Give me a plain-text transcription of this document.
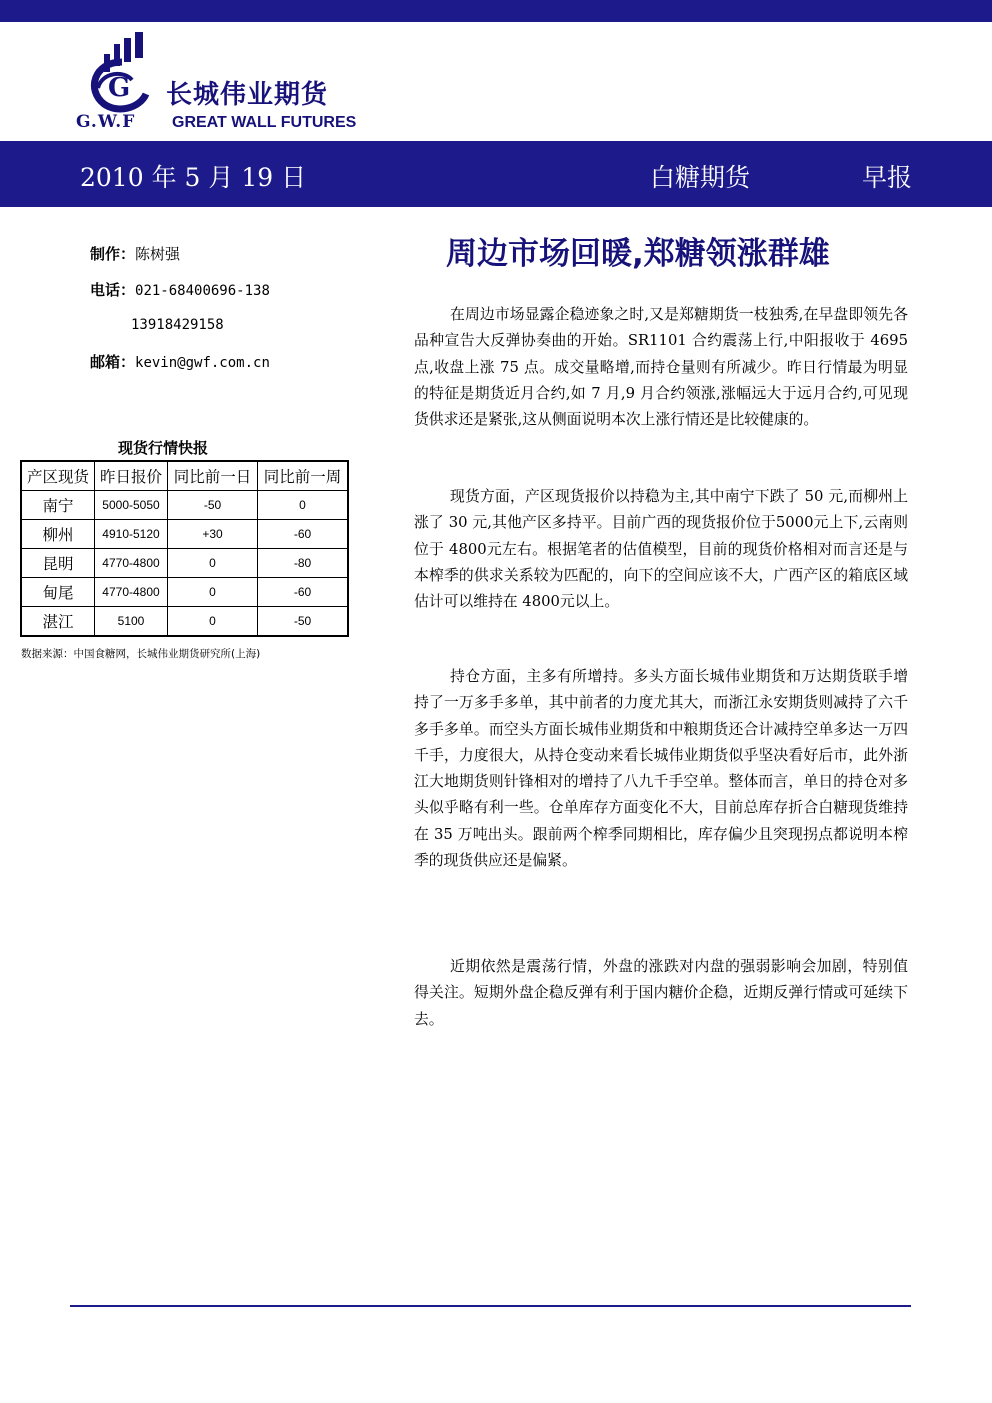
G 长城伟业期货
G.W.F GREAT WALL FUTURES
2010 年 5 月 19 日	白糖期货	早报
制作：陈树强
电话：021-68400696-138
13918429158
邮箱：kevin@gwf.com.cn
现货行情快报
产区现货	昨日报价	同比前一日	同比前一周
南宁	5000-5050	-50	0
柳州	4910-5120	+30	-60
昆明	4770-4800	0	-80
甸尾	4770-4800	0	-60
湛江	5100	0	-50
数据来源：中国食糖网，长城伟业期货研究所(上海)
周边市场回暖,郑糖领涨群雄

在周边市场显露企稳迹象之时,又是郑糖期货一枝独秀,在早盘即领先各品种宣告大反弹协奏曲的开始。SR1101 合约震荡上行,中阳报收于 4695 点,收盘上涨 75 点。成交量略增,而持仓量则有所减少。昨日行情最为明显的特征是期货近月合约,如 7 月,9 月合约领涨,涨幅远大于远月合约,可见现货供求还是紧张,这从侧面说明本次上涨行情还是比较健康的。

现货方面，产区现货报价以持稳为主,其中南宁下跌了 50 元,而柳州上涨了 30 元,其他产区多持平。目前广西的现货报价位于5000元上下,云南则位于 4800元左右。根据笔者的估值模型，目前的现货价格相对而言还是与本榨季的供求关系较为匹配的，向下的空间应该不大，广西产区的箱底区域估计可以维持在 4800元以上。

持仓方面，主多有所增持。多头方面长城伟业期货和万达期货联手增持了一万多手多单，其中前者的力度尤其大，而浙江永安期货则减持了六千多手多单。而空头方面长城伟业期货和中粮期货还合计减持空单多达一万四千手，力度很大，从持仓变动来看长城伟业期货似乎坚决看好后市，此外浙江大地期货则针锋相对的增持了八九千手空单。整体而言，单日的持仓对多头似乎略有利一些。仓单库存方面变化不大，目前总库存折合白糖现货维持在 35 万吨出头。跟前两个榨季同期相比，库存偏少且突现拐点都说明本榨季的现货供应还是偏紧。

近期依然是震荡行情，外盘的涨跌对内盘的强弱影响会加剧，特别值得关注。短期外盘企稳反弹有利于国内糖价企稳，近期反弹行情或可延续下去。
